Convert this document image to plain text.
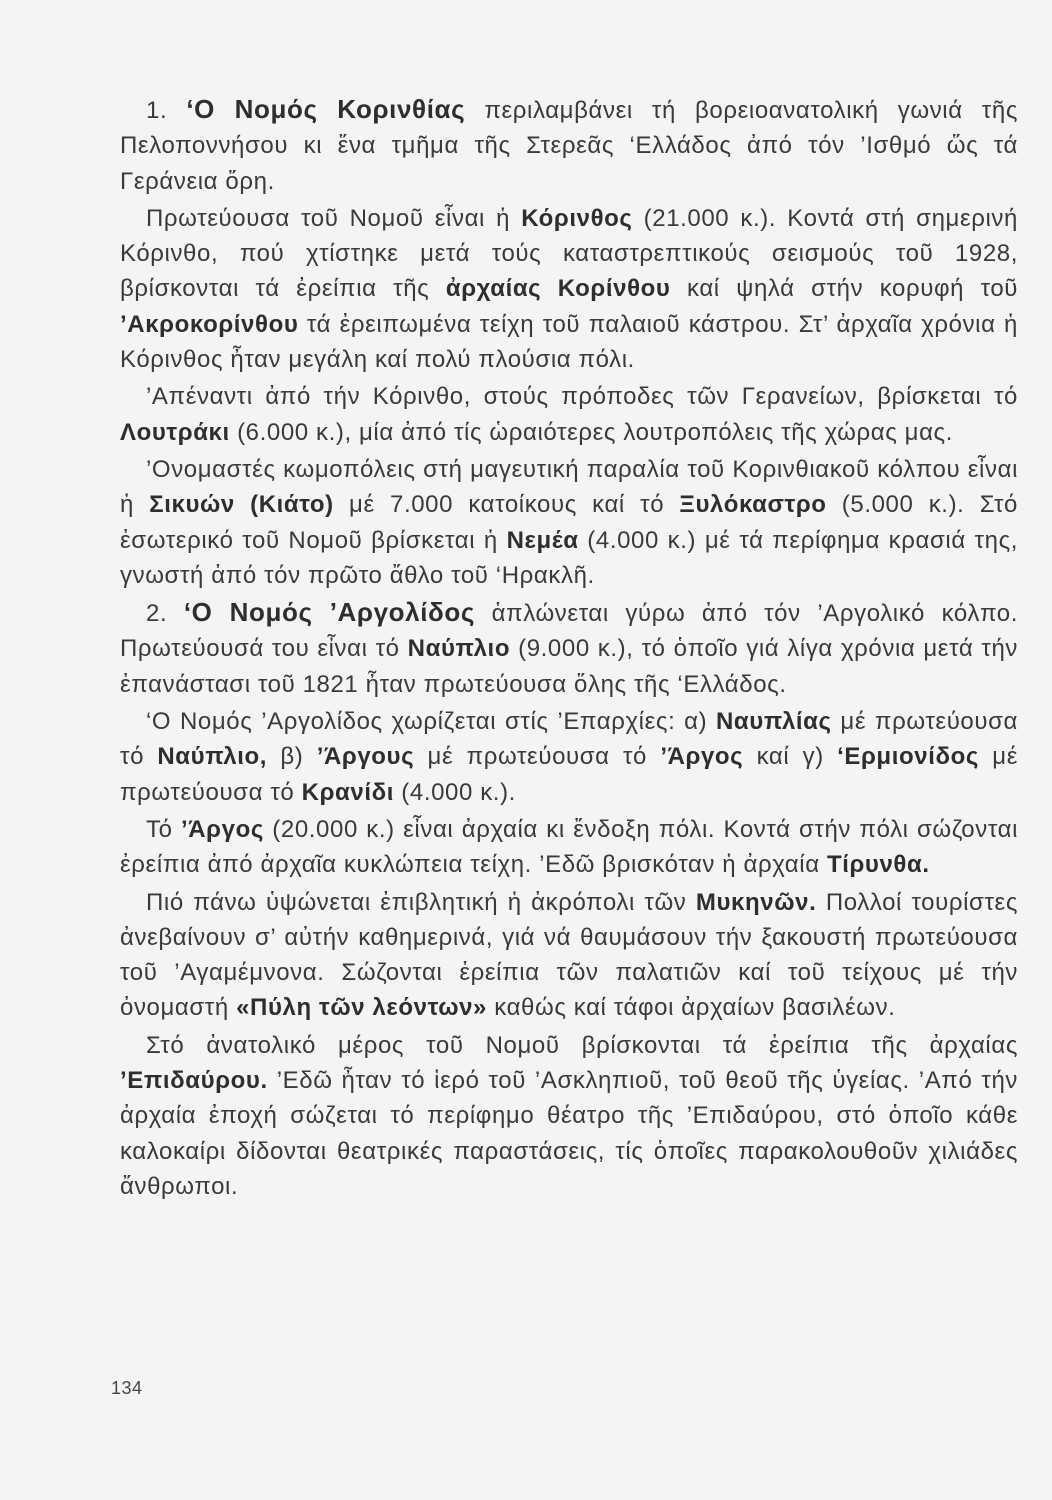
1. ‘Ο Νομός Κορινθίας περιλαμβάνει τή βορειοανατολική γωνιά τῆς Πελοποννήσου κι ἕνα τμῆμα τῆς Στερεᾶς ‘Ελλάδος ἀπό τόν ’Ισθμό ὥς τά Γεράνεια ὄρη.

Πρωτεύουσα τοῦ Νομοῦ εἶναι ἡ Κόρινθος (21.000 κ.). Κοντά στή σημερινή Κόρινθο, πού χτίστηκε μετά τούς καταστρεπτικούς σεισμούς τοῦ 1928, βρίσκονται τά ἐρείπια τῆς ἀρχαίας Κορίνθου καί ψηλά στήν κορυφή τοῦ ’Ακροκορίνθου τά ἐρειπωμένα τείχη τοῦ παλαιοῦ κάστρου. Στ’ ἀρχαῖα χρόνια ἡ Κόρινθος ἦταν μεγάλη καί πολύ πλούσια πόλι.

’Απέναντι ἀπό τήν Κόρινθο, στούς πρόποδες τῶν Γερανείων, βρίσκεται τό Λουτράκι (6.000 κ.), μία ἀπό τίς ὡραιότερες λουτροπόλεις τῆς χώρας μας.

’Ονομαστές κωμοπόλεις στή μαγευτική παραλία τοῦ Κορινθιακοῦ κόλπου εἶναι ἡ Σικυών (Κιάτο) μέ 7.000 κατοίκους καί τό Ξυλόκαστρο (5.000 κ.). Στό ἐσωτερικό τοῦ Νομοῦ βρίσκεται ἡ Νεμέα (4.000 κ.) μέ τά περίφημα κρασιά της, γνωστή ἀπό τόν πρῶτο ἄθλο τοῦ ‘Ηρακλῆ.

2. ‘Ο Νομός ’Αργολίδος ἁπλώνεται γύρω ἀπό τόν ’Αργολικό κόλπο. Πρωτεύουσά του εἶναι τό Ναύπλιο (9.000 κ.), τό ὁποῖο γιά λίγα χρόνια μετά τήν ἐπανάστασι τοῦ 1821 ἦταν πρωτεύουσα ὅλης τῆς ‘Ελλάδος.

‘Ο Νομός ’Αργολίδος χωρίζεται στίς ’Επαρχίες: α) Ναυπλίας μέ πρωτεύουσα τό Ναύπλιο, β) ’Άργους μέ πρωτεύουσα τό ’Άργος καί γ) ‘Ερμιονίδος μέ πρωτεύουσα τό Κρανίδι (4.000 κ.).

Τό ’Άργος (20.000 κ.) εἶναι ἀρχαία κι ἔνδοξη πόλι. Κοντά στήν πόλι σώζονται ἐρείπια ἀπό ἀρχαῖα κυκλώπεια τείχη. ’Εδῶ βρισκόταν ἡ ἀρχαία Τίρυνθα.

Πιό πάνω ὑψώνεται ἐπιβλητική ἡ ἀκρόπολι τῶν Μυκηνῶν. Πολλοί τουρίστες ἀνεβαίνουν σ’ αὐτήν καθημερινά, γιά νά θαυμάσουν τήν ξακουστή πρωτεύουσα τοῦ ’Αγαμέμνονα. Σώζονται ἐρείπια τῶν παλατιῶν καί τοῦ τείχους μέ τήν ὀνομαστή «Πύλη τῶν λεόντων» καθώς καί τάφοι ἀρχαίων βασιλέων.

Στό ἀνατολικό μέρος τοῦ Νομοῦ βρίσκονται τά ἐρείπια τῆς ἀρχαίας ’Επιδαύρου. ’Εδῶ ἦταν τό ἱερό τοῦ ’Ασκληπιοῦ, τοῦ θεοῦ τῆς ὑγείας. ’Από τήν ἀρχαία ἐποχή σώζεται τό περίφημο θέατρο τῆς ’Επιδαύρου, στό ὁποῖο κάθε καλοκαίρι δίδονται θεατρικές παραστάσεις, τίς ὁποῖες παρακολουθοῦν χιλιάδες ἄνθρωποι.

134
